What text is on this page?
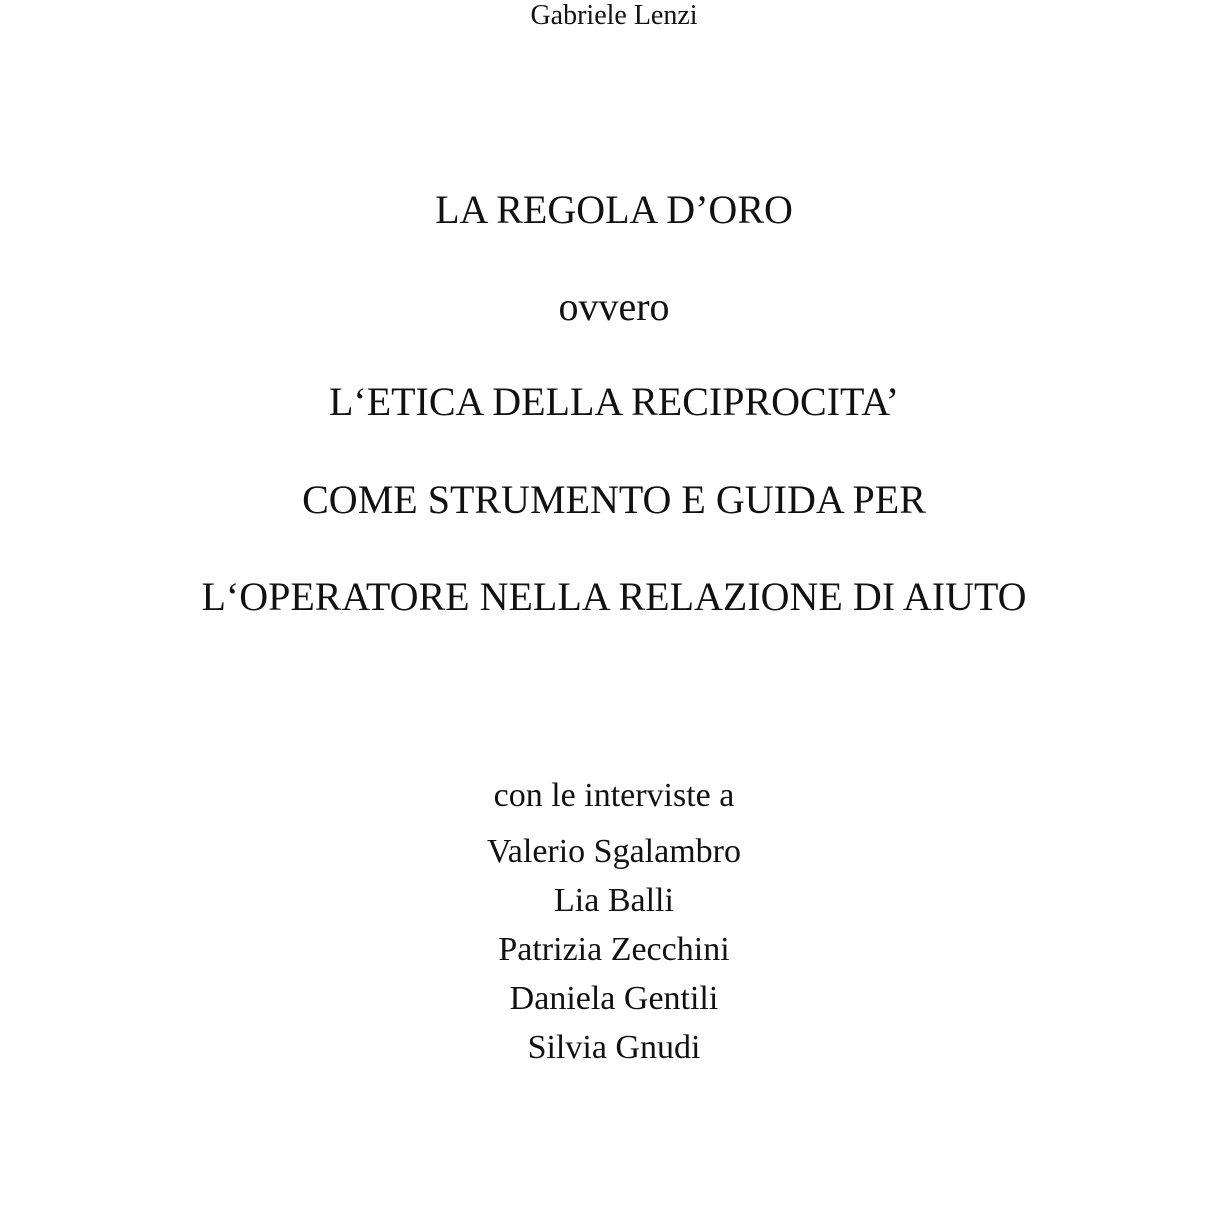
Gabriele Lenzi
LA REGOLA D’ORO
ovvero
L‘ETICA DELLA RECIPROCITA’
COME STRUMENTO E GUIDA PER
L‘OPERATORE NELLA RELAZIONE DI AIUTO
con le interviste a
Valerio Sgalambro
Lia Balli
Patrizia Zecchini
Daniela Gentili
Silvia Gnudi
